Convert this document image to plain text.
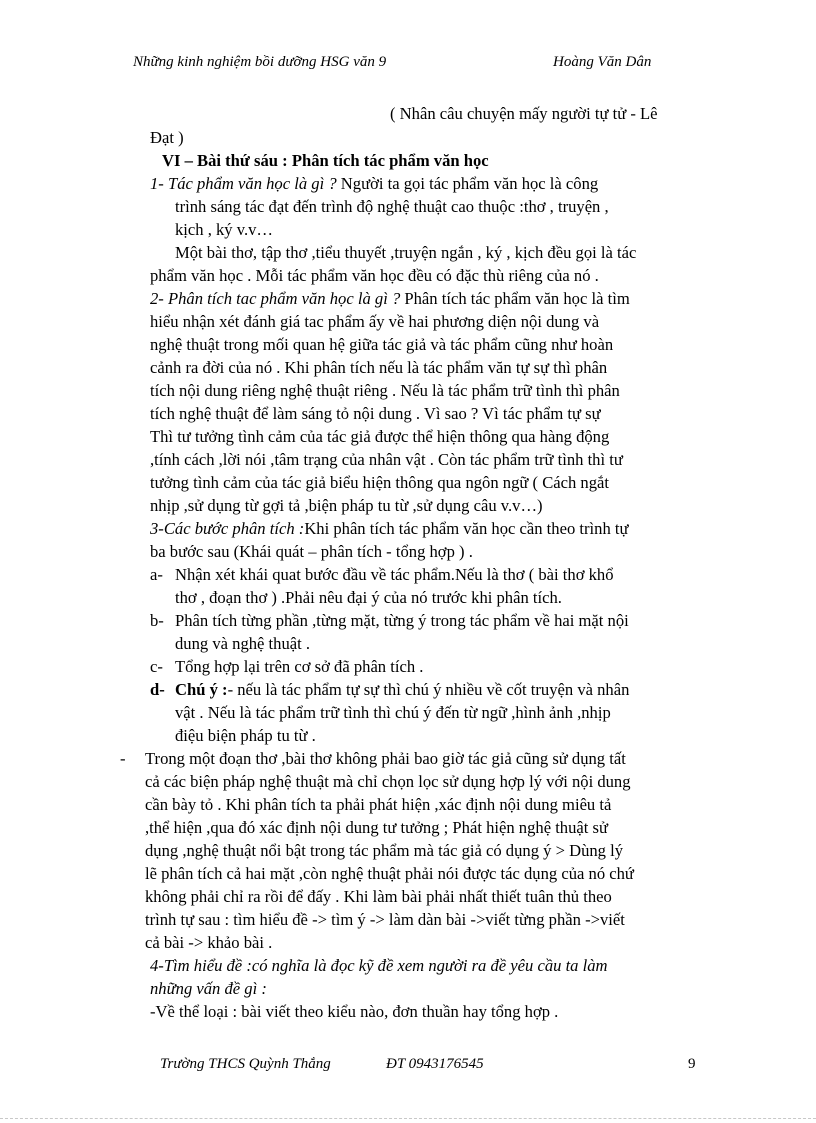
Những kinh nghiệm bồi dưỡng HSG văn 9	Hoàng Văn Dân
( Nhân câu chuyện mấy người tự tử - Lê
Đạt )
VI – Bài thứ sáu : Phân tích tác phẩm văn học
1- Tác phẩm văn học là gì ? Người ta gọi tác phẩm văn học là công
trình sáng tác đạt đến trình độ nghệ thuật cao thuộc :thơ , truyện ,
kịch , ký v.v…
Một bài thơ, tập thơ ,tiểu thuyết ,truyện ngắn , ký , kịch đều gọi là tác
phẩm văn học . Mỗi tác phẩm văn học đều có đặc thù riêng của nó .
2- Phân tích tac phẩm văn học là gì ? Phân tích tác phẩm văn học là tìm
hiểu nhận xét đánh giá tac phẩm ấy về hai phương diện nội dung và
nghệ thuật trong mối quan hệ giữa tác giả và tác phẩm cũng như hoàn
cảnh ra đời của nó . Khi phân tích nếu là tác phẩm văn tự sự thì phân
tích nội dung riêng nghệ thuật riêng . Nếu là tác phẩm trữ tình thì phân
tích nghệ thuật để làm sáng tỏ nội dung . Vì sao ? Vì tác phẩm tự sự
Thì tư tưởng tình cảm của tác giả được thể hiện thông qua hàng động
,tính cách ,lời nói ,tâm trạng của nhân vật . Còn tác phẩm trữ tình thì tư
tưởng tình cảm của tác giả biểu hiện thông qua ngôn ngữ ( Cách ngắt
nhịp ,sử dụng từ gợi tả ,biện pháp tu từ ,sử dụng câu v.v…)
3-Các bước phân tích :Khi phân tích tác phẩm văn học cần theo trình tự
ba bước sau (Khái quát – phân tích - tổng hợp ) .
a- Nhận xét khái quat bước đầu về tác phẩm.Nếu là thơ ( bài thơ khổ
thơ , đoạn thơ ) .Phải nêu đại ý của nó trước khi phân tích.
b- Phân tích từng phần ,từng mặt, từng ý trong tác phẩm về hai mặt nội
dung và nghệ thuật .
c- Tổng hợp lại trên cơ sở đã phân tích .
d- Chú ý :- nếu là tác phẩm tự sự thì chú ý nhiều về cốt truyện và nhân
vật . Nếu là tác phẩm trữ tình thì chú ý đến từ ngữ ,hình ảnh ,nhịp
điệu biện pháp tu từ .
- Trong một đoạn thơ ,bài thơ không phải bao giờ tác giả cũng sử dụng tất
cả các biện pháp nghệ thuật mà chỉ chọn lọc sử dụng hợp lý với nội dung
cần bày tỏ . Khi phân tích ta phải phát hiện ,xác định nội dung miêu tả
,thể hiện ,qua đó xác định nội dung tư tưởng ; Phát hiện nghệ thuật sử
dụng ,nghệ thuật nổi bật trong tác phẩm mà tác giả có dụng ý > Dùng lý
lẽ phân tích cả hai mặt ,còn nghệ thuật phải nói được tác dụng của nó chứ
không phải chỉ ra rồi để đấy . Khi làm bài phải nhất thiết tuân thủ theo
trình tự sau : tìm hiểu đề -> tìm ý -> làm dàn bài ->viết từng phần ->viết
cả bài -> khảo bài .
4-Tìm hiểu đề :có nghĩa là đọc kỹ đề xem người ra đề yêu cầu ta làm
những vấn đề gì :
-Về thể loại : bài viết theo kiểu nào, đơn thuần hay tổng hợp .
Trường THCS Quỳnh Thắng	ĐT 0943176545	9
